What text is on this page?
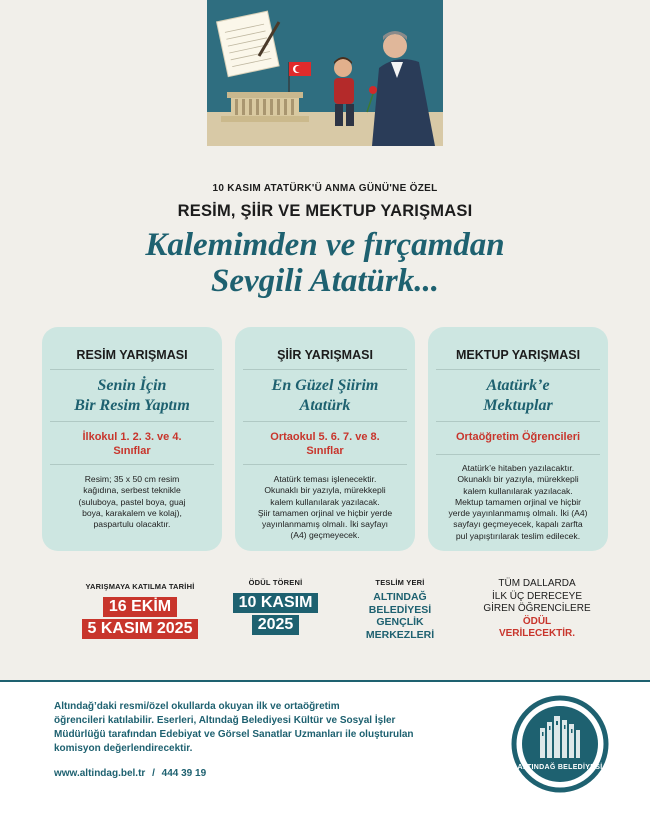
10 KASIM ATATÜRK'Ü ANMA GÜNÜ'NE ÖZEL
RESİM, ŞİİR VE MEKTUP YARIŞMASI
Kalemimden ve fırçamdan
Sevgili Atatürk...
RESİM YARIŞMASI
Senin İçin
Bir Resim Yaptım
İlkokul 1. 2. 3. ve 4.
Sınıflar
Resim; 35 x 50 cm resim
kağıdına, serbest teknikle
(suluboya, pastel boya, guaj
boya, karakalem ve kolaj),
paspartulu olacaktır.
ŞİİR YARIŞMASI
En Güzel Şiirim
Atatürk
Ortaokul 5. 6. 7. ve 8.
Sınıflar
Atatürk teması işlenecektir.
Okunaklı bir yazıyla, mürekkepli
kalem kullanılarak yazılacak.
Şiir tamamen orjinal ve hiçbir yerde
yayınlanmamış olmalı. İki sayfayı
(A4) geçmeyecek.
MEKTUP YARIŞMASI
Atatürk’e
Mektuplar
Ortaöğretim Öğrencileri
Atatürk’e hitaben yazılacaktır.
Okunaklı bir yazıyla, mürekkepli
kalem kullanılarak yazılacak.
Mektup tamamen orjinal ve hiçbir
yerde yayınlanmamış olmalı. İki (A4)
sayfayı geçmeyecek, kapalı zarfta
pul yapıştırılarak teslim edilecek.
YARIŞMAYA KATILMA TARİHİ
16 EKİM
5 KASIM 2025
ÖDÜL TÖRENİ
10 KASIM
2025
TESLİM YERİ
ALTINDAĞ
BELEDİYESİ
GENÇLİK
MERKEZLERİ
TÜM DALLARDA
İLK ÜÇ DERECEYE
GİREN ÖĞRENCİLERE
ÖDÜL
VERİLECEKTİR.
Altındağ’daki resmi/özel okullarda okuyan ilk ve ortaöğretim
öğrencileri katılabilir. Eserleri, Altındağ Belediyesi Kültür ve Sosyal İşler
Müdürlüğü tarafından Edebiyat ve Görsel Sanatlar Uzmanları ile oluşturulan
komisyon değerlendirecektir.
www.altindag.bel.tr / 444 39 19
ALTINDAĞ BELEDİYESİ
